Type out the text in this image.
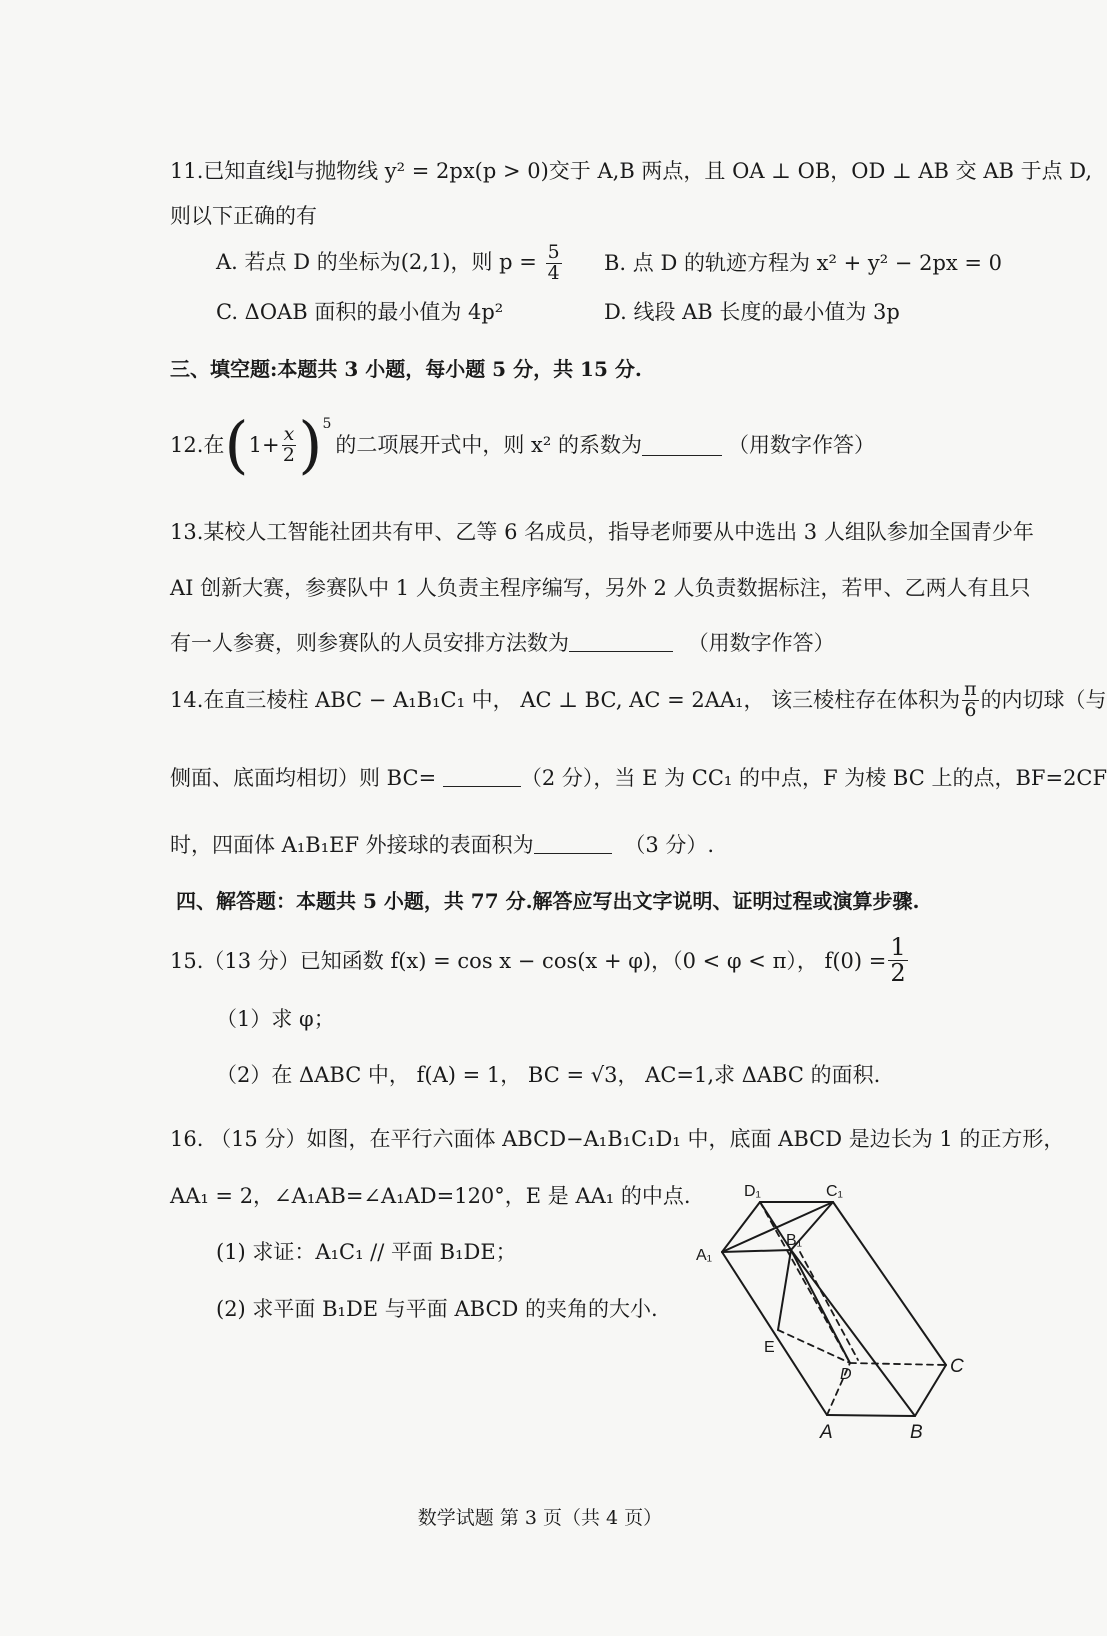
11.已知直线l与抛物线 y² = 2px(p > 0)交于 A,B 两点，且 OA ⊥ OB，OD ⊥ AB 交 AB 于点 D,
则以下正确的有
A. 若点 D 的坐标为(2,1)，则 $p = \frac{5}{4} B$. 点 D 的轨迹方程为 x² + y² − 2px = 0
C. ΔOAB 面积的最小值为 4p²	D. 线段 AB 长度的最小值为 3p
三、填空题:本题共 3 小题，每小题 5 分，共 15 分.
12.在 ( $1+ \frac{x}{2}$ ) 5
的二项展开式中，则 x² 的系数为	（用数字作答）
13.某校人工智能社团共有甲、乙等 6 名成员，指导老师要从中选出 3 人组队参加全国青少年
AI 创新大赛，参赛队中 1 人负责主程序编写，另外 2 人负责数据标注，若甲、乙两人有且只
有一人参赛，则参赛队的人员安排方法数为	（用数字作答）
14.在直三棱柱 ABC − A₁B₁C₁ 中， AC ⊥ BC, AC = 2AA₁， 该三棱柱存在体积为 $\frac{\pi}{6}$ 的内切球（与
侧面、底面均相切）则 BC=	（2 分），当 E 为 CC₁ 的中点，F 为棱 BC 上的点，BF=2CF
时，四面体 A₁B₁EF 外接球的表面积为	（3 分）.
四、解答题：本题共 5 小题，共 77 分.解答应写出文字说明、证明过程或演算步骤.
15.（13 分）已知函数 f(x) = cos x − cos(x + φ)，（0 < φ < π）， $f(0) = \frac{1}{2}$
（1）求 φ；
（2）在 ΔABC 中， f(A) = 1， BC = √3， AC=1,求 ΔABC 的面积.
16. （15 分）如图，在平行六面体 ABCD−A₁B₁C₁D₁ 中，底面 ABCD 是边长为 1 的正方形，
AA₁ = 2，∠A₁AB=∠A₁AD=120°，E 是 AA₁ 的中点.
(1) 求证：A₁C₁ // 平面 B₁DE；
(2) 求平面 B₁DE 与平面 ABCD 的夹角的大小.
D₁	C₁
A₁
B₁
E
D	C
A	B
数学试题 第 3 页（共 4 页）
